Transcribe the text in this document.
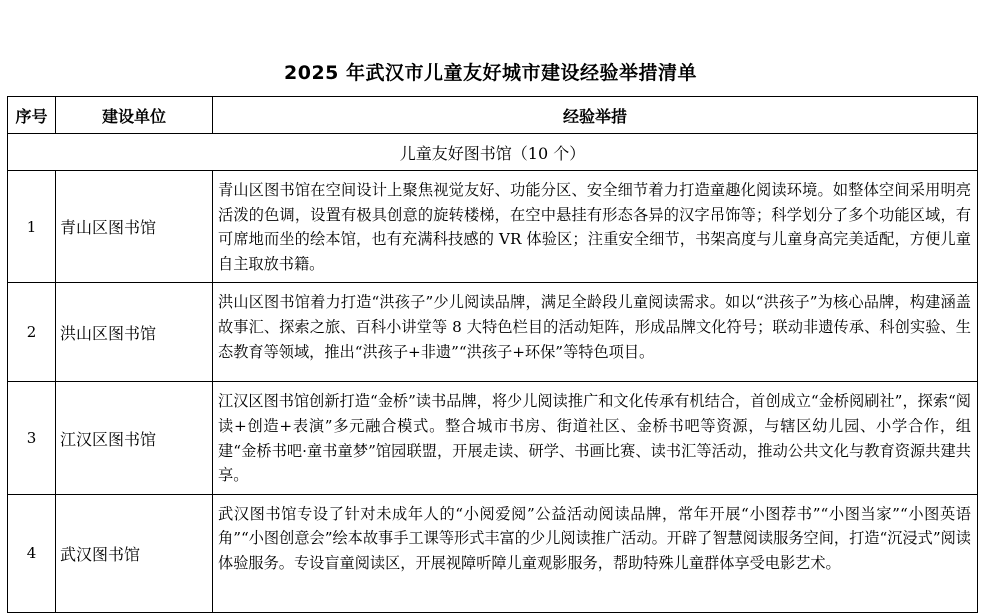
2025 年武汉市儿童友好城市建设经验举措清单
序号	建设单位	经验举措
儿童友好图书馆（10 个）		
1	青山区图书馆	青山区图书馆在空间设计上聚焦视觉友好、功能分区、安全细节着力打造童趣化阅读环境。如整体空间采用明亮活泼的色调，设置有极具创意的旋转楼梯，在空中悬挂有形态各异的汉字吊饰等；科学划分了多个功能区域，有可席地而坐的绘本馆，也有充满科技感的 VR 体验区；注重安全细节，书架高度与儿童身高完美适配，方便儿童自主取放书籍。
2	洪山区图书馆	洪山区图书馆着力打造“洪孩子”少儿阅读品牌，满足全龄段儿童阅读需求。如以“洪孩子”为核心品牌，构建涵盖故事汇、探索之旅、百科小讲堂等 8 大特色栏目的活动矩阵，形成品牌文化符号；联动非遗传承、科创实验、生态教育等领域，推出“洪孩子+非遗”“洪孩子+环保”等特色项目。
3	江汉区图书馆	江汉区图书馆创新打造“金桥”读书品牌，将少儿阅读推广和文化传承有机结合，首创成立“金桥阅刷社”，探索“阅读+创造+表演”多元融合模式。整合城市书房、街道社区、金桥书吧等资源，与辖区幼儿园、小学合作，组建“金桥书吧·童书童梦”馆园联盟，开展走读、研学、书画比赛、读书汇等活动，推动公共文化与教育资源共建共享。
4	武汉图书馆	武汉图书馆专设了针对未成年人的“小阅爱阅”公益活动阅读品牌，常年开展“小图荐书”“小图当家”“小图英语角”“小图创意会”绘本故事手工课等形式丰富的少儿阅读推广活动。开辟了智慧阅读服务空间，打造“沉浸式”阅读体验服务。专设盲童阅读区，开展视障听障儿童观影服务，帮助特殊儿童群体享受电影艺术。
